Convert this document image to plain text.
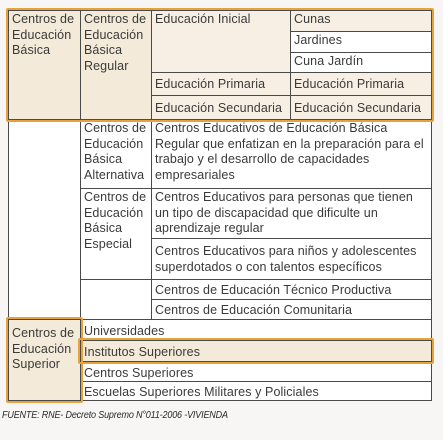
Centros de Educación Básica
Centros de Educación Básica Regular
Educación Inicial	Cunas
Jardines
Cuna Jardín
Educación Primaria	Educación Primaria
Educación Secundaria Educación Secundaria
Centros de Educación Básica Alternativa
Centros Educativos de Educación Básica Regular que enfatizan en la preparación para el trabajo y el desarrollo de capacidades empresariales
Centros de Educación Básica Especial
Centros Educativos para personas que tienen un tipo de discapacidad que dificulte un aprendizaje regular
Centros Educativos para niños y adolescentes superdotados o con talentos específicos
Centros de Educación Técnico Productiva
Centros de Educación Comunitaria
Centros de Educación Superior
Universidades
Institutos Superiores
Centros Superiores
Escuelas Superiores Militares y Policiales
FUENTE: RNE- Decreto Supremo N°011-2006 -VIVIENDA
